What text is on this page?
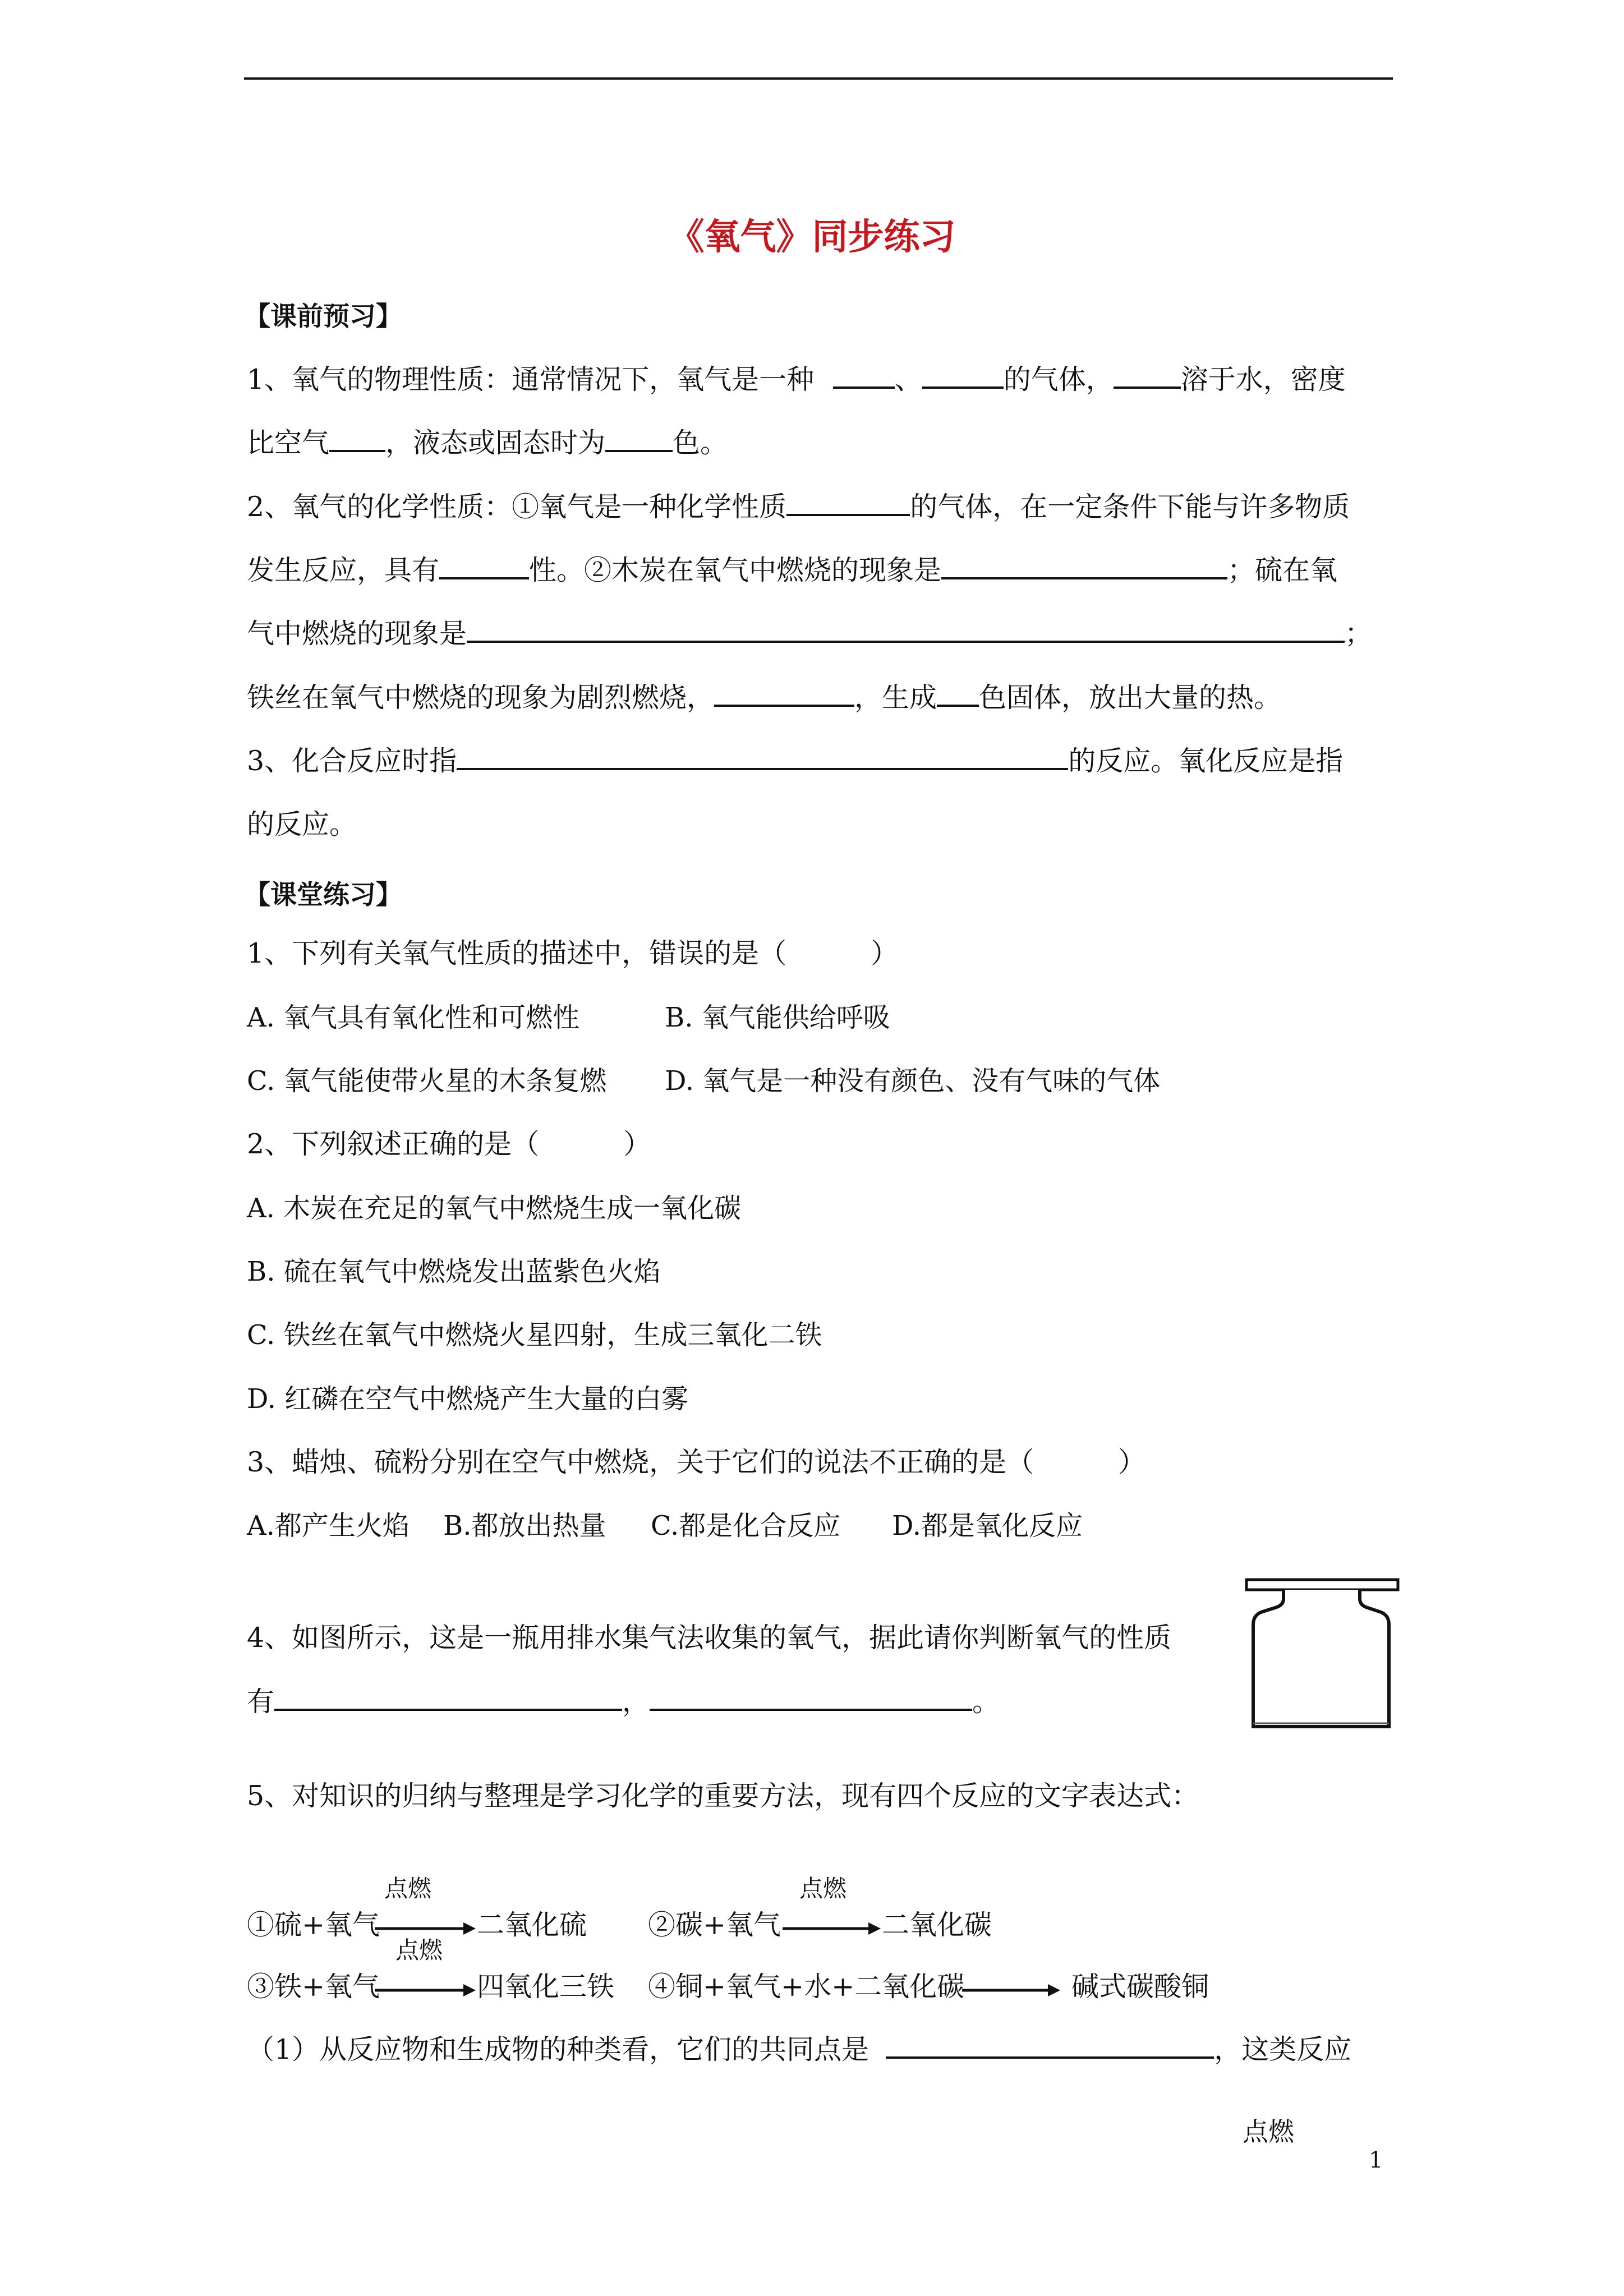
《氧气》同步练习
【课前预习】
1、氧气的物理性质：通常情况下，氧气是一种	、	的气体， 溶于水，密度
比空气 ，液态或固态时为 色。
2、氧气的化学性质：①氧气是一种化学性质	的气体，在一定条件下能与许多物质
发生反应，具有	性。②木炭在氧气中燃烧的现象是	；硫在氧
气中燃烧的现象是	；
铁丝在氧气中燃烧的现象为剧烈燃烧，	，生成 色固体，放出大量的热。
3、化合反应时指	的反应。氧化反应是指
的反应。
【课堂练习】
1、下列有关氧气性质的描述中，错误的是（	）
A. 氧气具有氧化性和可燃性	B. 氧气能供给呼吸
C. 氧气能使带火星的木条复燃 D. 氧气是一种没有颜色、没有气味的气体
2、下列叙述正确的是（	）
A. 木炭在充足的氧气中燃烧生成一氧化碳
B. 硫在氧气中燃烧发出蓝紫色火焰
C. 铁丝在氧气中燃烧火星四射，生成三氧化二铁
D. 红磷在空气中燃烧产生大量的白雾
3、蜡烛、硫粉分别在空气中燃烧，关于它们的说法不正确的是（	）
A.都产生火焰 B.都放出热量 C.都是化合反应 D.都是氧化反应
4、如图所示，这是一瓶用排水集气法收集的氧气，据此请你判断氧气的性质
有	，	。
5、对知识的归纳与整理是学习化学的重要方法，现有四个反应的文字表达式：
①硫+氧气
点燃
二氧化硫 ②碳+氧气
点燃
二氧化碳
③铁+氧气
点燃
四氧化三铁 ④铜+氧气+水+二氧化碳	碱式碳酸铜
（1）从反应物和生成物的种类看，它们的共同点是	，这类反应
点燃
1
